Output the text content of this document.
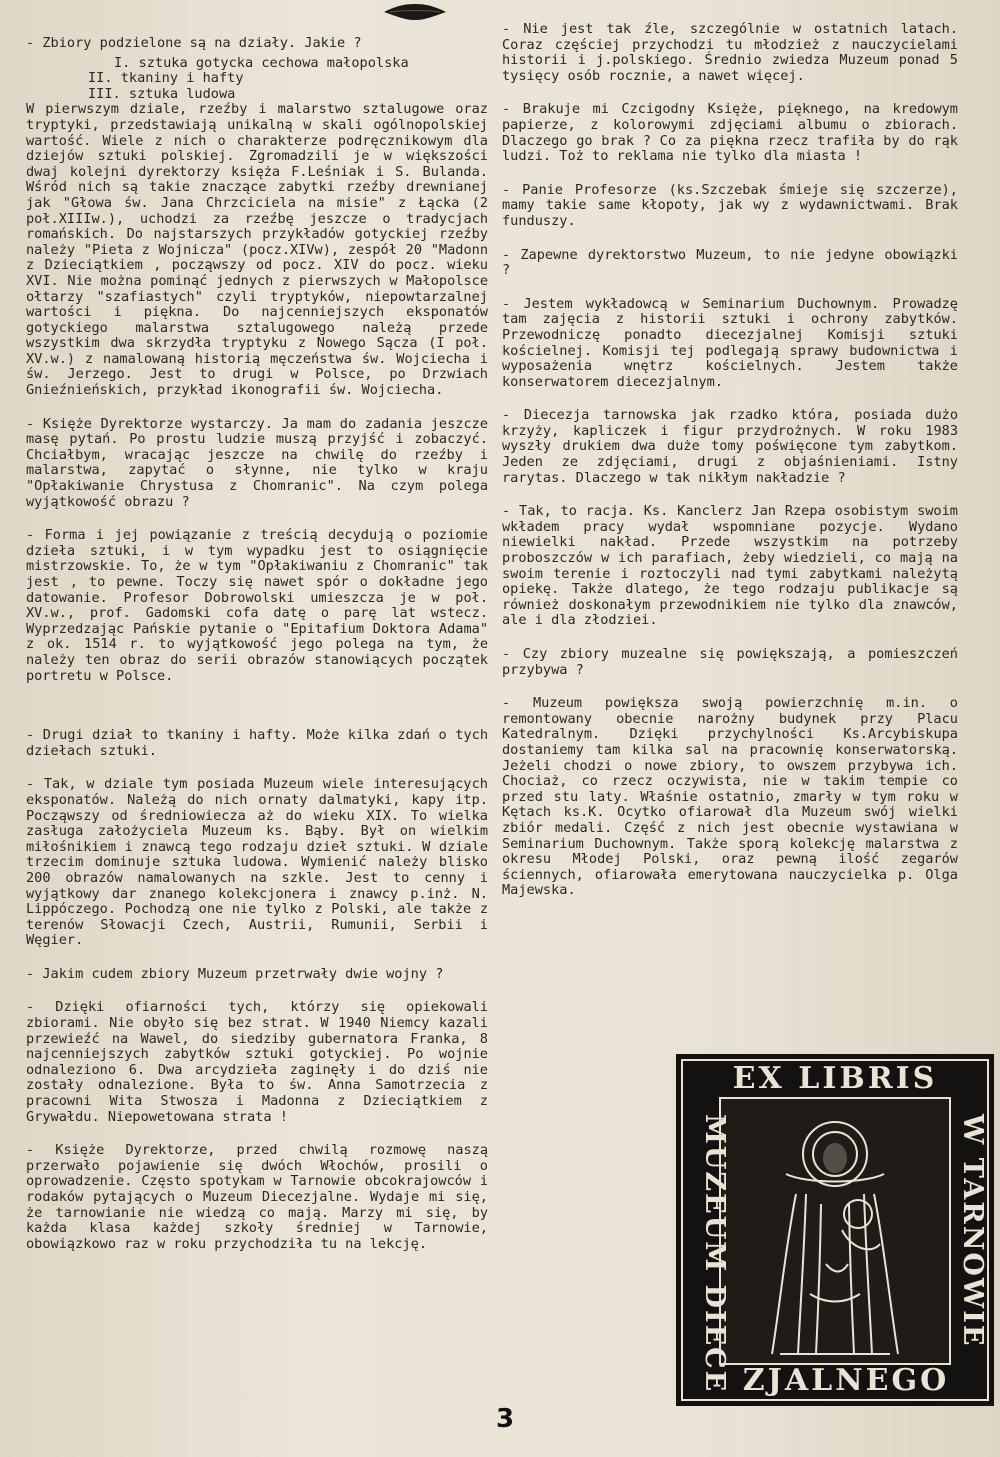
- Zbiory podzielone są na działy. Jakie ?

I. sztuka gotycka cechowa małopolska
II. tkaniny i hafty
III. sztuka ludowa

W pierwszym dziale, rzeźby i malarstwo sztalugowe oraz tryptyki, przedstawiają unikalną w skali ogólnopolskiej wartość. Wiele z nich o charakterze podręcznikowym dla dziejów sztuki polskiej. Zgromadzili je w większości dwaj kolejni dyrektorzy księża F.Leśniak i S. Bulanda. Wśród nich są takie znaczące zabytki rzeźby drewnianej jak "Głowa św. Jana Chrzciciela na misie" z Łącka (2 poł.XIIIw.), uchodzi za rzeźbę jeszcze o tradycjach romańskich. Do najstarszych przykładów gotyckiej rzeźby należy "Pieta z Wojnicza" (pocz.XIVw), zespół 20 "Madonn z Dzieciątkiem , począwszy od pocz. XIV do pocz. wieku XVI. Nie można pominąć jednych z pierwszych w Małopolsce ołtarzy "szafiastych" czyli tryptyków, niepowtarzalnej wartości i piękna. Do najcenniejszych eksponatów gotyckiego malarstwa sztalugowego należą przede wszystkim dwa skrzydła tryptyku z Nowego Sącza (I poł. XV.w.) z namalowaną historią męczeństwa św. Wojciecha i św. Jerzego. Jest to drugi w Polsce, po Drzwiach Gnieźnieńskich, przykład ikonografii św. Wojciecha.

- Księże Dyrektorze wystarczy. Ja mam do zadania jeszcze masę pytań. Po prostu ludzie muszą przyjść i zobaczyć. Chciałbym, wracając jeszcze na chwilę do rzeźby i malarstwa, zapytać o słynne, nie tylko w kraju "Opłakiwanie Chrystusa z Chomranic". Na czym polega wyjątkowość obrazu ?

- Forma i jej powiązanie z treścią decydują o poziomie dzieła sztuki, i w tym wypadku jest to osiągnięcie mistrzowskie. To, że w tym "Opłakiwaniu z Chomranic" tak jest , to pewne. Toczy się nawet spór o dokładne jego datowanie. Profesor Dobrowolski umieszcza je w poł. XV.w., prof. Gadomski cofa datę o parę lat wstecz. Wyprzedzając Pańskie pytanie o "Epitafium Doktora Adama" z ok. 1514 r. to wyjątkowość jego polega na tym, że należy ten obraz do serii obrazów stanowiących początek portretu w Polsce.

- Drugi dział to tkaniny i hafty. Może kilka zdań o tych dziełach sztuki.

- Tak, w dziale tym posiada Muzeum wiele interesujących eksponatów. Należą do nich ornaty dalmatyki, kapy itp. Począwszy od średniowiecza aż do wieku XIX. To wielka zasługa założyciela Muzeum ks. Bąby. Był on wielkim miłośnikiem i znawcą tego rodzaju dzieł sztuki. W dziale trzecim dominuje sztuka ludowa. Wymienić należy blisko 200 obrazów namalowanych na szkle. Jest to cenny i wyjątkowy dar znanego kolekcjonera i znawcy p.inż. N. Lippóczego. Pochodzą one nie tylko z Polski, ale także z terenów Słowacji Czech, Austrii, Rumunii, Serbii i Węgier.

- Jakim cudem zbiory Muzeum przetrwały dwie wojny ?

- Dzięki ofiarności tych, którzy się opiekowali zbiorami. Nie obyło się bez strat. W 1940 Niemcy kazali przewieźć na Wawel, do siedziby gubernatora Franka, 8 najcenniejszych zabytków sztuki gotyckiej. Po wojnie odnaleziono 6. Dwa arcydzieła zaginęły i do dziś nie zostały odnalezione. Była to św. Anna Samotrzecia z pracowni Wita Stwosza i Madonna z Dzieciątkiem z Grywałdu. Niepowetowana strata !

- Księże Dyrektorze, przed chwilą rozmowę naszą przerwało pojawienie się dwóch Włochów, prosili o oprowadzenie. Często spotykam w Tarnowie obcokrajowców i rodaków pytających o Muzeum Diecezjalne. Wydaje mi się, że tarnowianie nie wiedzą co mają. Marzy mi się, by każda klasa każdej szkoły średniej w Tarnowie, obowiązkowo raz w roku przychodziła tu na lekcję.

- Nie jest tak źle, szczególnie w ostatnich latach. Coraz częściej przychodzi tu młodzież z nauczycielami historii i j.polskiego. Średnio zwiedza Muzeum ponad 5 tysięcy osób rocznie, a nawet więcej.

- Brakuje mi Czcigodny Księże, pięknego, na kredowym papierze, z kolorowymi zdjęciami albumu o zbiorach. Dlaczego go brak ? Co za piękna rzecz trafiła by do rąk ludzi. Toż to reklama nie tylko dla miasta !

- Panie Profesorze (ks.Szczebak śmieje się szczerze), mamy takie same kłopoty, jak wy z wydawnictwami. Brak funduszy.

- Zapewne dyrektorstwo Muzeum, to nie jedyne obowiązki ?

- Jestem wykładowcą w Seminarium Duchownym. Prowadzę tam zajęcia z historii sztuki i ochrony zabytków. Przewodniczę ponadto diecezjalnej Komisji sztuki kościelnej. Komisji tej podlegają sprawy budownictwa i wyposażenia wnętrz kościelnych. Jestem także konserwatorem diecezjalnym.

- Diecezja tarnowska jak rzadko która, posiada dużo krzyży, kapliczek i figur przydrożnych. W roku 1983 wyszły drukiem dwa duże tomy poświęcone tym zabytkom. Jeden ze zdjęciami, drugi z objaśnieniami. Istny rarytas. Dlaczego w tak nikłym nakładzie ?

- Tak, to racja. Ks. Kanclerz Jan Rzepa osobistym swoim wkładem pracy wydał wspomniane pozycje. Wydano niewielki nakład. Przede wszystkim na potrzeby proboszczów w ich parafiach, żeby wiedzieli, co mają na swoim terenie i roztoczyli nad tymi zabytkami należytą opiekę. Także dlatego, że tego rodzaju publikacje są również doskonałym przewodnikiem nie tylko dla znawców, ale i dla złodziei.

- Czy zbiory muzealne się powiększają, a pomieszczeń przybywa ?

- Muzeum powiększa swoją powierzchnię m.in. o remontowany obecnie narożny budynek przy Placu Katedralnym. Dzięki przychylności Ks.Arcybiskupa dostaniemy tam kilka sal na pracownię konserwatorską. Jeżeli chodzi o nowe zbiory, to owszem przybywa ich. Chociaż, co rzecz oczywista, nie w takim tempie co przed stu laty. Właśnie ostatnio, zmarły w tym roku w Kętach ks.K. Ocytko ofiarował dla Muzeum swój wielki zbiór medali. Część z nich jest obecnie wystawiana w Seminarium Duchownym. Także sporą kolekcję malarstwa z okresu Młodej Polski, oraz pewną ilość zegarów ściennych, ofiarowała emerytowana nauczycielka p. Olga Majewska.

EX LIBRIS
MUZEUM DIECE	W TARNOWIE
ZJALNEGO
3
